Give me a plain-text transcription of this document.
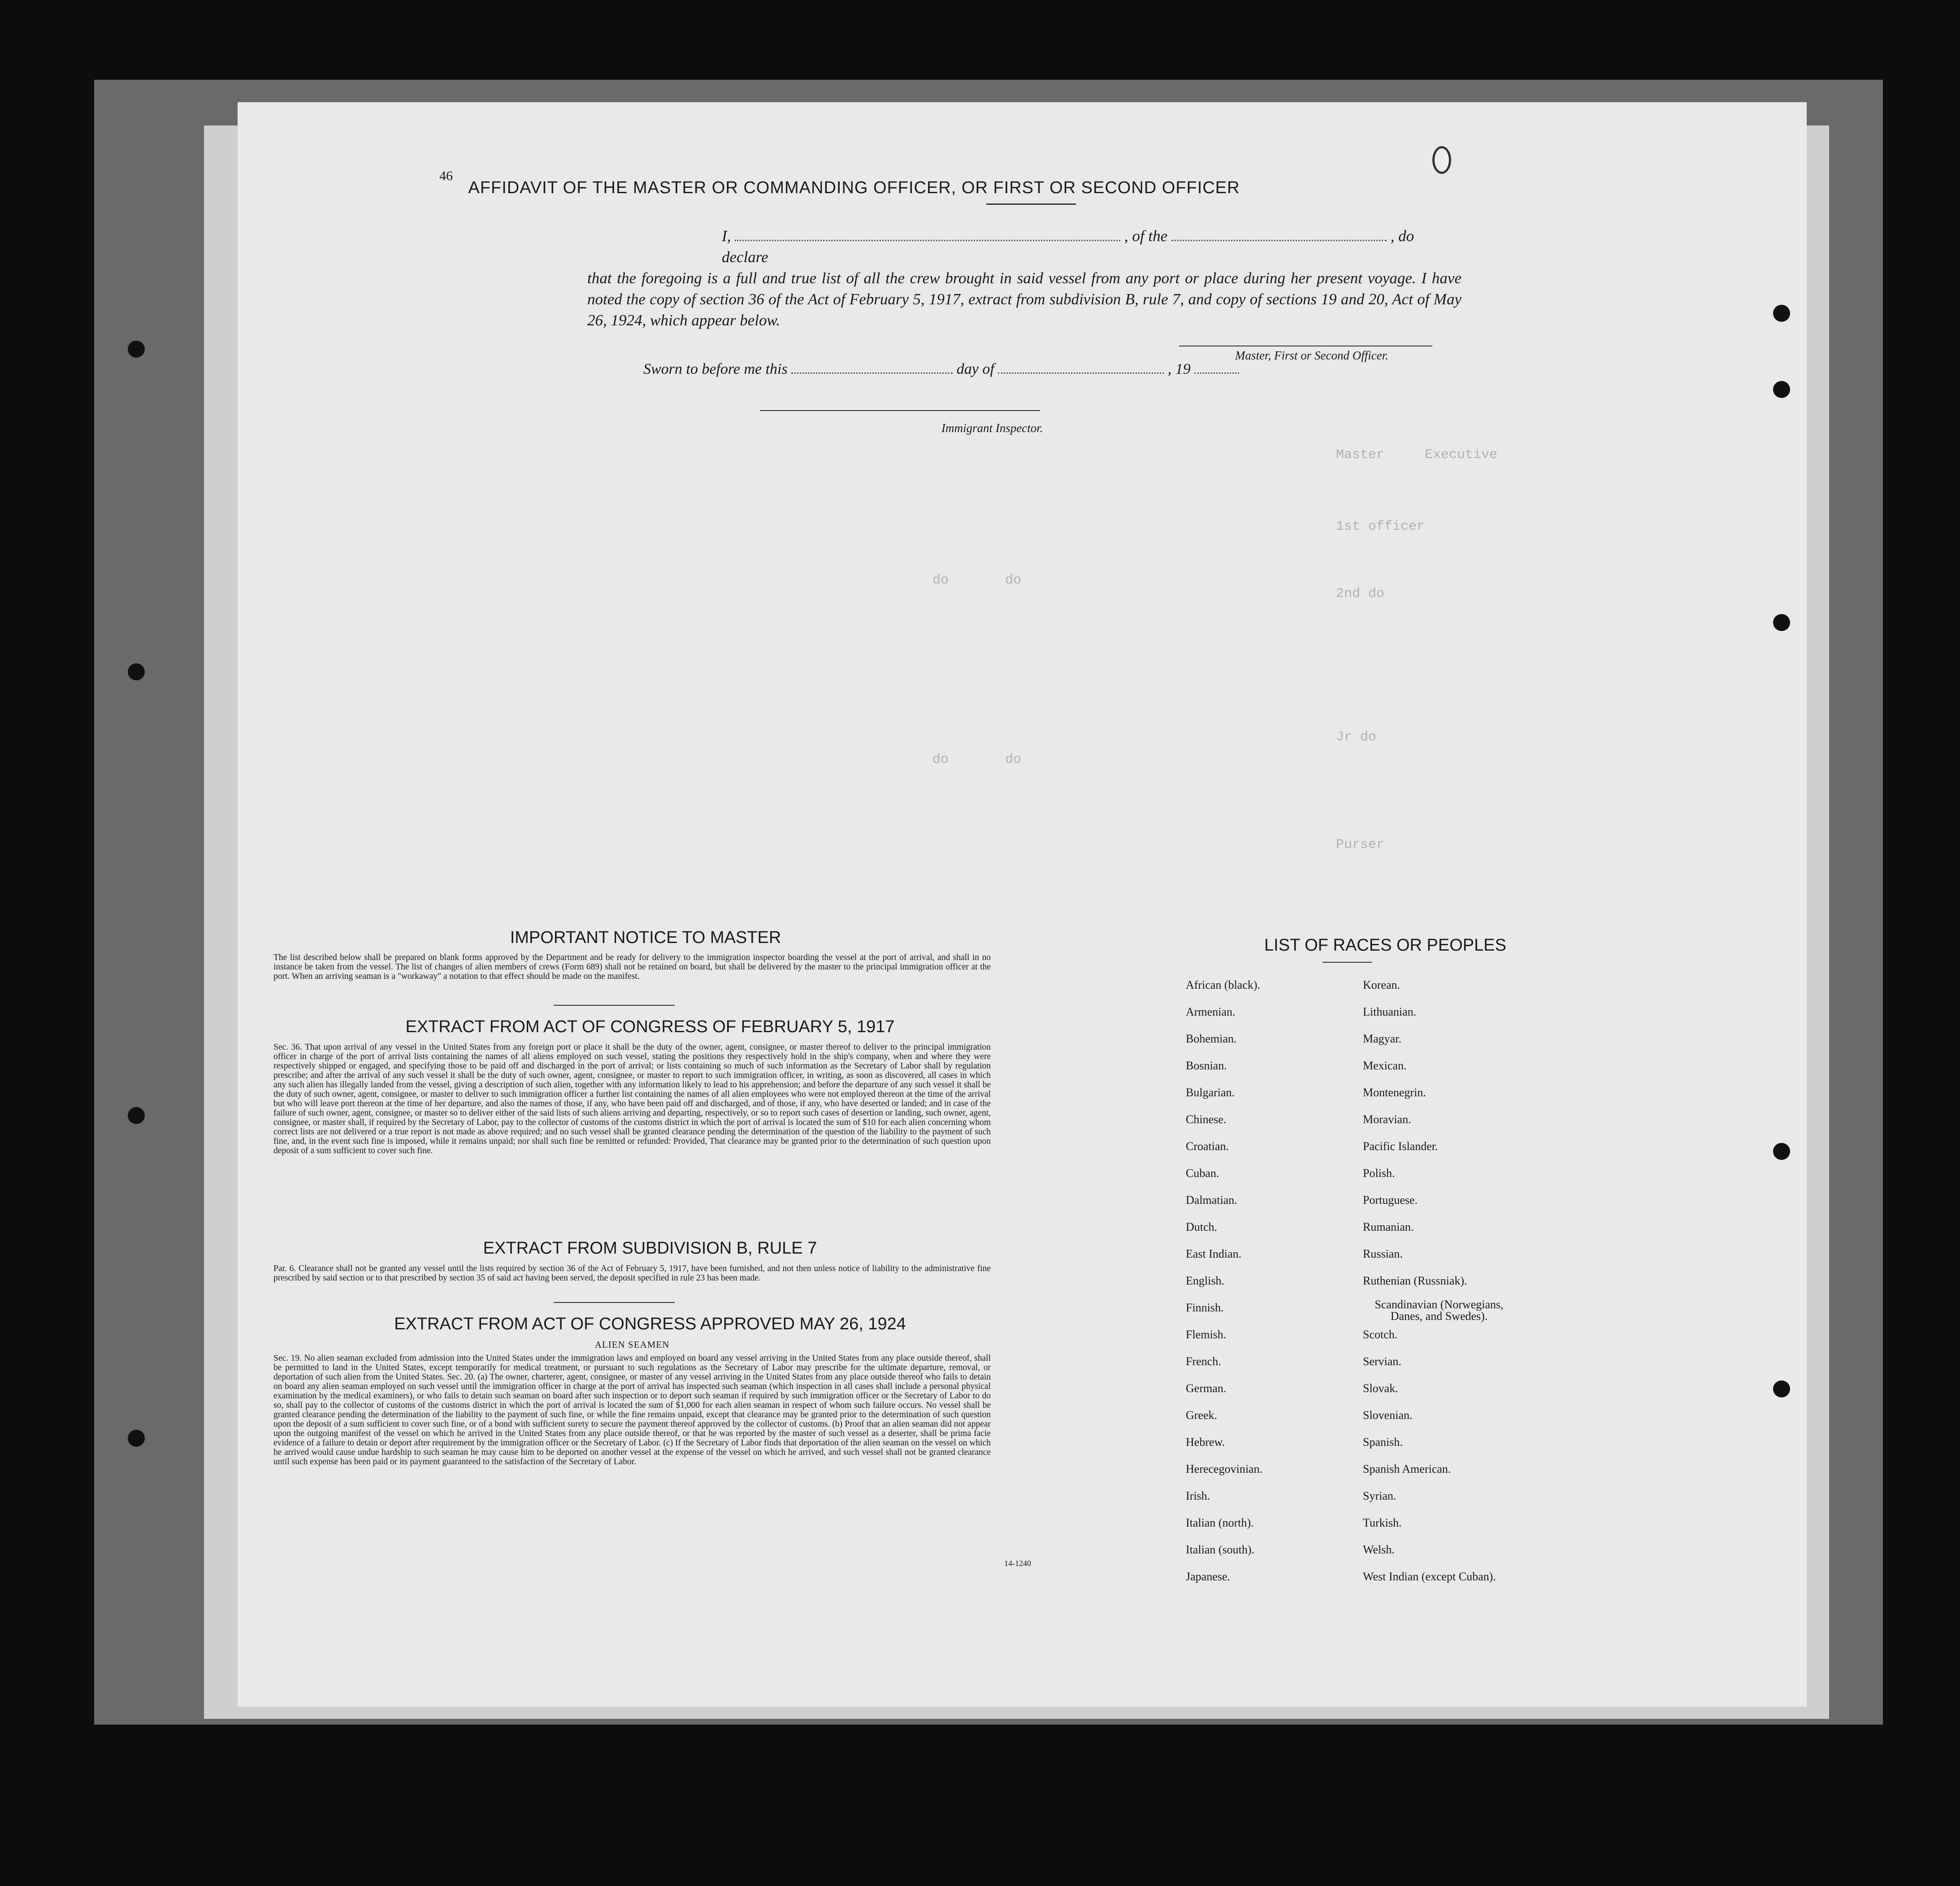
Master     Executive
1st officer
2nd do
Jr do
Purser
do       do
do       do
AFFIDAVIT OF THE MASTER OR COMMANDING OFFICER, OR FIRST OR SECOND OFFICER
46
I,	, of the	, do declare
that the foregoing is a full and true list of all the crew brought in said vessel from any port or place during her present voyage. I have noted the copy of section 36 of the Act of February 5, 1917, extract from subdivision B, rule 7, and copy of sections 19 and 20, Act of May 26, 1924, which appear below.
Master, First or Second Officer.
Sworn to before me this	day of	, 19
Immigrant Inspector.
IMPORTANT NOTICE TO MASTER
The list described below shall be prepared on blank forms approved by the Department and be ready for delivery to the immigration inspector boarding the vessel at the port of arrival, and shall in no instance be taken from the vessel. The list of changes of alien members of crews (Form 689) shall not be retained on board, but shall be delivered by the master to the principal immigration officer at the port. When an arriving seaman is a "workaway" a notation to that effect should be made on the manifest.
EXTRACT FROM ACT OF CONGRESS OF FEBRUARY 5, 1917
Sec. 36. That upon arrival of any vessel in the United States from any foreign port or place it shall be the duty of the owner, agent, consignee, or master thereof to deliver to the principal immigration officer in charge of the port of arrival lists containing the names of all aliens employed on such vessel, stating the positions they respectively hold in the ship's company, when and where they were respectively shipped or engaged, and specifying those to be paid off and discharged in the port of arrival; or lists containing so much of such information as the Secretary of Labor shall by regulation prescribe; and after the arrival of any such vessel it shall be the duty of such owner, agent, consignee, or master to report to such immigration officer, in writing, as soon as discovered, all cases in which any such alien has illegally landed from the vessel, giving a description of such alien, together with any information likely to lead to his apprehension; and before the departure of any such vessel it shall be the duty of such owner, agent, consignee, or master to deliver to such immigration officer a further list containing the names of all alien employees who were not employed thereon at the time of the arrival but who will leave port thereon at the time of her departure, and also the names of those, if any, who have been paid off and discharged, and of those, if any, who have deserted or landed; and in case of the failure of such owner, agent, consignee, or master so to deliver either of the said lists of such aliens arriving and departing, respectively, or so to report such cases of desertion or landing, such owner, agent, consignee, or master shall, if required by the Secretary of Labor, pay to the collector of customs of the customs district in which the port of arrival is located the sum of $10 for each alien concerning whom correct lists are not delivered or a true report is not made as above required; and no such vessel shall be granted clearance pending the determination of the question of the liability to the payment of such fine, and, in the event such fine is imposed, while it remains unpaid; nor shall such fine be remitted or refunded: Provided, That clearance may be granted prior to the determination of such question upon deposit of a sum sufficient to cover such fine.
EXTRACT FROM SUBDIVISION B, RULE 7
Par. 6. Clearance shall not be granted any vessel until the lists required by section 36 of the Act of February 5, 1917, have been furnished, and not then unless notice of liability to the administrative fine prescribed by said section or to that prescribed by section 35 of said act having been served, the deposit specified in rule 23 has been made.
EXTRACT FROM ACT OF CONGRESS APPROVED MAY 26, 1924
ALIEN SEAMEN
Sec. 19. No alien seaman excluded from admission into the United States under the immigration laws and employed on board any vessel arriving in the United States from any place outside thereof, shall be permitted to land in the United States, except temporarily for medical treatment, or pursuant to such regulations as the Secretary of Labor may prescribe for the ultimate departure, removal, or deportation of such alien from the United States. Sec. 20. (a) The owner, charterer, agent, consignee, or master of any vessel arriving in the United States from any place outside thereof who fails to detain on board any alien seaman employed on such vessel until the immigration officer in charge at the port of arrival has inspected such seaman (which inspection in all cases shall include a personal physical examination by the medical examiners), or who fails to detain such seaman on board after such inspection or to deport such seaman if required by such immigration officer or the Secretary of Labor to do so, shall pay to the collector of customs of the customs district in which the port of arrival is located the sum of $1,000 for each alien seaman in respect of whom such failure occurs. No vessel shall be granted clearance pending the determination of the liability to the payment of such fine, or while the fine remains unpaid, except that clearance may be granted prior to the determination of such question upon the deposit of a sum sufficient to cover such fine, or of a bond with sufficient surety to secure the payment thereof approved by the collector of customs. (b) Proof that an alien seaman did not appear upon the outgoing manifest of the vessel on which he arrived in the United States from any place outside thereof, or that he was reported by the master of such vessel as a deserter, shall be prima facie evidence of a failure to detain or deport after requirement by the immigration officer or the Secretary of Labor. (c) If the Secretary of Labor finds that deportation of the alien seaman on the vessel on which he arrived would cause undue hardship to such seaman he may cause him to be deported on another vessel at the expense of the vessel on which he arrived, and such vessel shall not be granted clearance until such expense has been paid or its payment guaranteed to the satisfaction of the Secretary of Labor.
14-1240
LIST OF RACES OR PEOPLES
African (black).
Armenian.
Bohemian.
Bosnian.
Bulgarian.
Chinese.
Croatian.
Cuban.
Dalmatian.
Dutch.
East Indian.
English.
Finnish.
Flemish.
French.
German.
Greek.
Hebrew.
Herecegovinian.
Irish.
Italian (north).
Italian (south).
Japanese.
Korean.
Lithuanian.
Magyar.
Mexican.
Montenegrin.
Moravian.
Pacific Islander.
Polish.
Portuguese.
Rumanian.
Russian.
Ruthenian (Russniak).
Scandinavian (Norwegians, Danes, and Swedes).
Scotch.
Servian.
Slovak.
Slovenian.
Spanish.
Spanish American.
Syrian.
Turkish.
Welsh.
West Indian (except Cuban).
